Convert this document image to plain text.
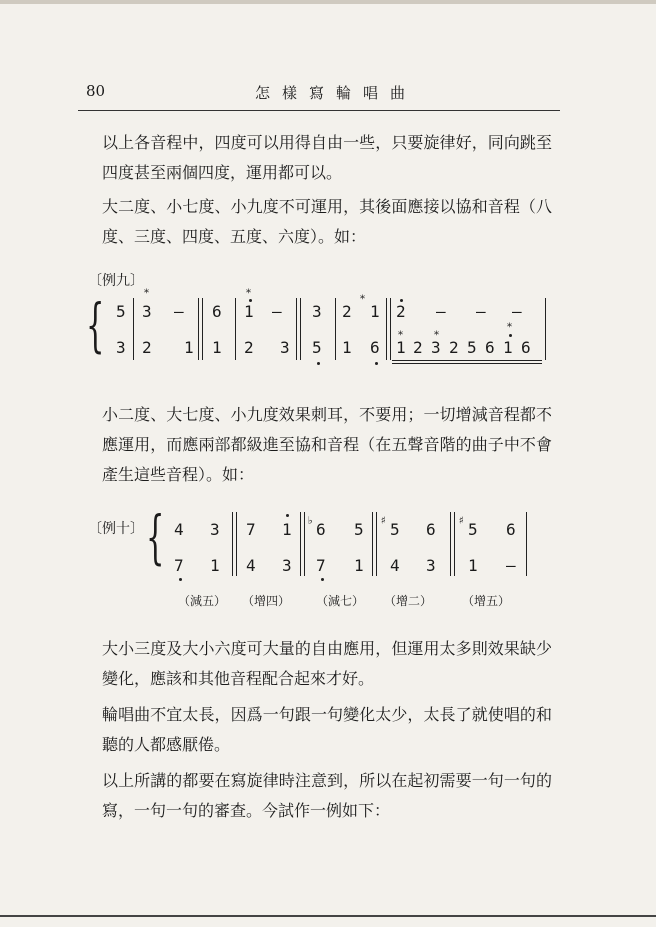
80	怎樣寫輪唱曲
以上各音程中，四度可以用得自由一些，只要旋律好，同向跳至四度甚至兩個四度，運用都可以。
大二度、小七度、小九度不可運用，其後面應接以協和音程（八度、三度、四度、五度、六度）。如：
〔例九〕
{ 5
*
3 — 6
*
1 — 3 2
*
1 2 — — —
3 2 1 1 2 3 5 1 6
*
1 2
*
3 2 5 6
*
1 6
小二度、大七度、小九度效果刺耳，不要用；一切增減音程都不應運用，而應兩部都級進至協和音程（在五聲音階的曲子中不會產生這些音程）。如：
〔例十〕 { 4 3 7 1 ♭ 6 5 ♯ 5 6 ♯ 5 6
7 1 4 3 7 1 4 3 1 —
（減五） （增四） （減七） （增二） （增五）
大小三度及大小六度可大量的自由應用，但運用太多則效果缺少變化，應該和其他音程配合起來才好。
輪唱曲不宜太長，因爲一句跟一句變化太少，太長了就使唱的和聽的人都感厭倦。
以上所講的都要在寫旋律時注意到，所以在起初需要一句一句的寫，一句一句的審查。今試作一例如下：
